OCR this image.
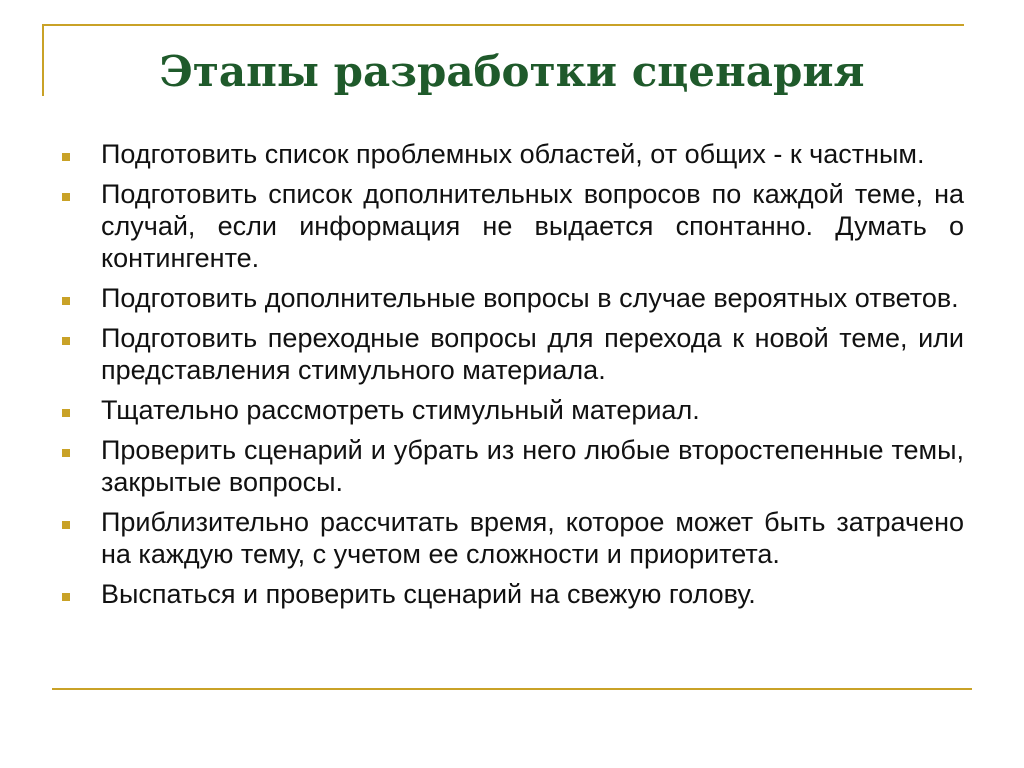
Этапы разработки сценария
Подготовить список проблемных областей, от общих - к частным.
Подготовить список дополнительных вопросов по каждой теме, на случай, если информация не выдается спонтанно. Думать о контингенте.
Подготовить дополнительные вопросы в случае вероятных ответов.
Подготовить переходные вопросы для перехода к новой теме, или представления стимульного материала.
Тщательно рассмотреть стимульный материал.
Проверить сценарий и убрать из него любые второстепенные темы, закрытые вопросы.
Приблизительно рассчитать время, которое может быть затрачено на каждую тему, с учетом ее сложности и приоритета.
Выспаться и проверить сценарий на свежую голову.
